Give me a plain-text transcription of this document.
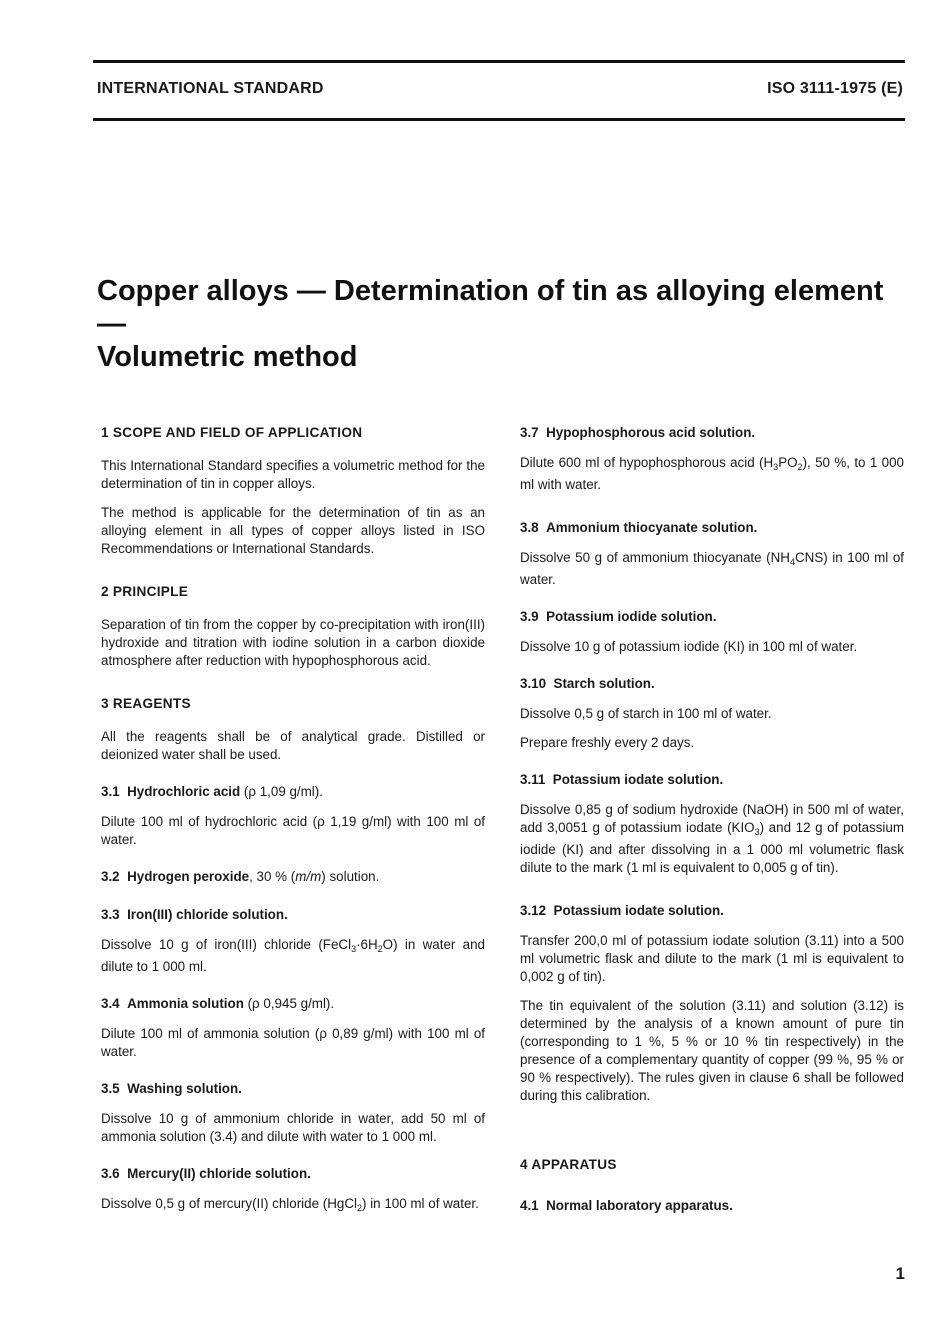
INTERNATIONAL STANDARD	ISO 3111-1975 (E)
Copper alloys — Determination of tin as alloying element —
Volumetric method
1 SCOPE AND FIELD OF APPLICATION

This International Standard specifies a volumetric method for the determination of tin in copper alloys.

The method is applicable for the determination of tin as an alloying element in all types of copper alloys listed in ISO Recommendations or International Standards.

2 PRINCIPLE

Separation of tin from the copper by co-precipitation with iron(III) hydroxide and titration with iodine solution in a carbon dioxide atmosphere after reduction with hypophosphorous acid.

3 REAGENTS

All the reagents shall be of analytical grade. Distilled or deionized water shall be used.

3.1 Hydrochloric acid (ρ 1,09 g/ml).

Dilute 100 ml of hydrochloric acid (ρ 1,19 g/ml) with 100 ml of water.

3.2 Hydrogen peroxide, 30 % (m/m) solution.
3.3 Iron(III) chloride solution.

Dissolve 10 g of iron(III) chloride $(FeCl_3\cdot 6H_2O)$ in water and dilute to 1 000 ml.

3.4 Ammonia solution (ρ 0,945 g/ml).

Dilute 100 ml of ammonia solution (ρ 0,89 g/ml) with 100 ml of water.

3.5 Washing solution.

Dissolve 10 g of ammonium chloride in water, add 50 ml of ammonia solution (3.4) and dilute with water to 1 000 ml.

3.6 Mercury(II) chloride solution.

Dissolve 0,5 g of mercury(II) chloride (HgCl$_2$) in 100 ml of water.

3.7 Hypophosphorous acid solution.

Dilute 600 ml of hypophosphorous acid $(H_3PO_2)$, 50 %, to 1 000 ml with water.

3.8 Ammonium thiocyanate solution.

Dissolve 50 g of ammonium thiocyanate $(NH_4CNS)$ in 100 ml of water.

3.9 Potassium iodide solution.

Dissolve 10 g of potassium iodide (KI) in 100 ml of water.

3.10 Starch solution.

Dissolve 0,5 g of starch in 100 ml of water.

Prepare freshly every 2 days.

3.11 Potassium iodate solution.

Dissolve 0,85 g of sodium hydroxide (NaOH) in 500 ml of water, add 3,0051 g of potassium iodate $(KIO_3)$ and 12 g of potassium iodide (KI) and after dissolving in a 1 000 ml volumetric flask dilute to the mark (1 ml is equivalent to 0,005 g of tin).

3.12 Potassium iodate solution.

Transfer 200,0 ml of potassium iodate solution (3.11) into a 500 ml volumetric flask and dilute to the mark (1 ml is equivalent to 0,002 g of tin).

The tin equivalent of the solution (3.11) and solution (3.12) is determined by the analysis of a known amount of pure tin (corresponding to 1 %, 5 % or 10 % tin respectively) in the presence of a complementary quantity of copper (99 %, 95 % or 90 % respectively). The rules given in clause 6 shall be followed during this calibration.

4 APPARATUS
4.1 Normal laboratory apparatus.
1
